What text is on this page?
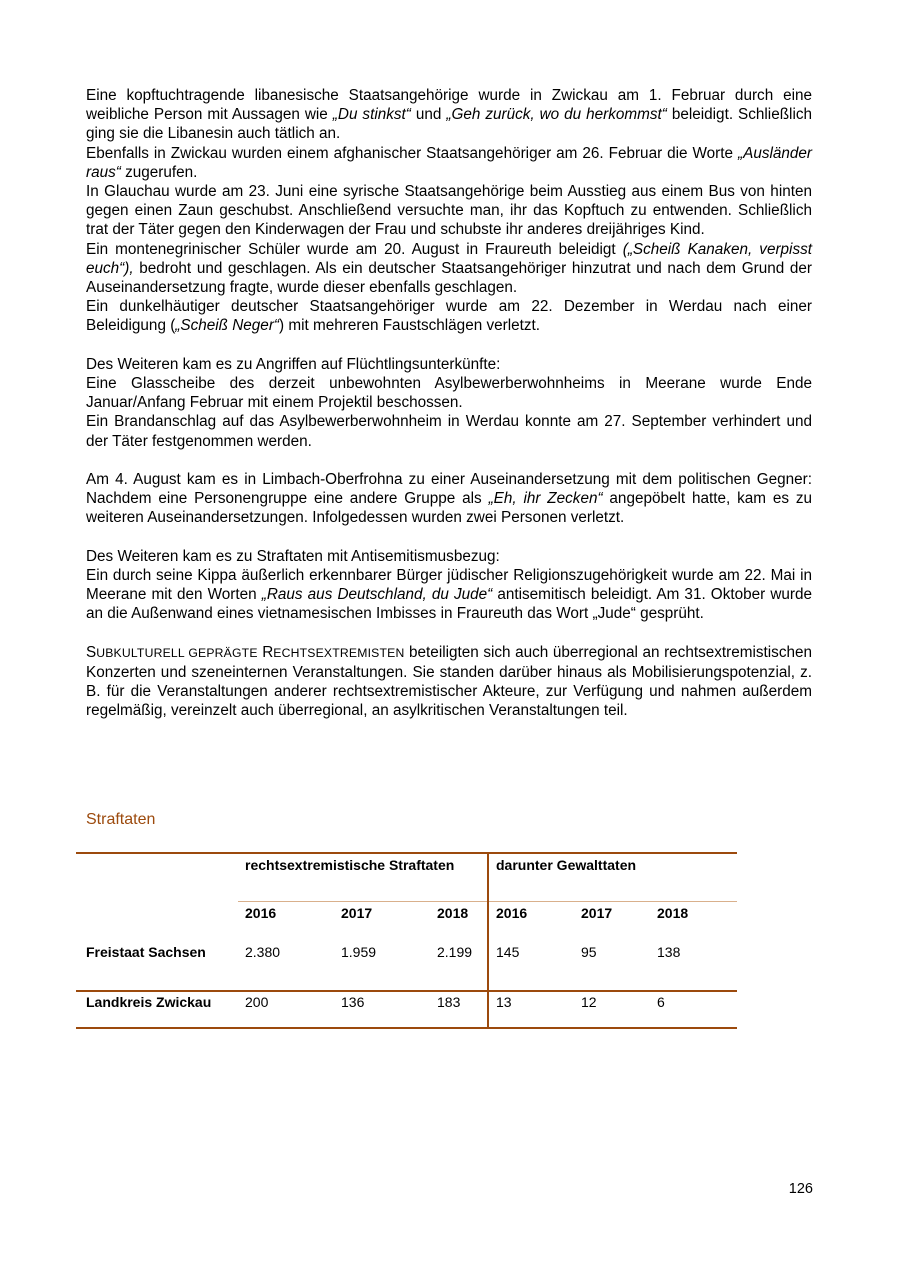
Eine kopftuchtragende libanesische Staatsangehörige wurde in Zwickau am 1. Februar durch eine weibliche Person mit Aussagen wie „Du stinkst“ und „Geh zurück, wo du herkommst“ beleidigt. Schließlich ging sie die Libanesin auch tätlich an.

Ebenfalls in Zwickau wurden einem afghanischer Staatsangehöriger am 26. Februar die Worte „Ausländer raus“ zugerufen.

In Glauchau wurde am 23. Juni eine syrische Staatsangehörige beim Ausstieg aus einem Bus von hinten gegen einen Zaun geschubst. Anschließend versuchte man, ihr das Kopftuch zu entwenden. Schließlich trat der Täter gegen den Kinderwagen der Frau und schubste ihr anderes dreijähriges Kind.

Ein montenegrinischer Schüler wurde am 20. August in Fraureuth beleidigt („Scheiß Kanaken, verpisst euch“), bedroht und geschlagen. Als ein deutscher Staatsangehöriger hinzutrat und nach dem Grund der Auseinandersetzung fragte, wurde dieser ebenfalls geschlagen.

Ein dunkelhäutiger deutscher Staatsangehöriger wurde am 22. Dezember in Werdau nach einer Beleidigung („Scheiß Neger“) mit mehreren Faustschlägen verletzt.

Des Weiteren kam es zu Angriffen auf Flüchtlingsunterkünfte:

Eine Glasscheibe des derzeit unbewohnten Asylbewerberwohnheims in Meerane wurde Ende Januar/Anfang Februar mit einem Projektil beschossen.

Ein Brandanschlag auf das Asylbewerberwohnheim in Werdau konnte am 27. September verhindert und der Täter festgenommen werden.

Am 4. August kam es in Limbach-Oberfrohna zu einer Auseinandersetzung mit dem politischen Gegner: Nachdem eine Personengruppe eine andere Gruppe als „Eh, ihr Zecken“ angepöbelt hatte, kam es zu weiteren Auseinandersetzungen. Infolgedessen wurden zwei Personen verletzt.

Des Weiteren kam es zu Straftaten mit Antisemitismusbezug:

Ein durch seine Kippa äußerlich erkennbarer Bürger jüdischer Religionszugehörigkeit wurde am 22. Mai in Meerane mit den Worten „Raus aus Deutschland, du Jude“ antisemitisch beleidigt. Am 31. Oktober wurde an die Außenwand eines vietnamesischen Imbisses in Fraureuth das Wort „Jude“ gesprüht.

SUBKULTURELL GEPRÄGTE RECHTSEXTREMISTEN beteiligten sich auch überregional an rechtsextremistischen Konzerten und szeneinternen Veranstaltungen. Sie standen darüber hinaus als Mobilisierungspotenzial, z. B. für die Veranstaltungen anderer rechtsextremistischer Akteure, zur Verfügung und nahmen außerdem regelmäßig, vereinzelt auch überregional, an asylkritischen Veranstaltungen teil.

Straftaten
	rechtsextremistische Straftaten			darunter Gewalttaten		
	2016	2017	2018	2016	2017	2018
Freistaat Sachsen	2.380	1.959	2.199	145	95	138
Landkreis Zwickau	200	136	183	13	12	6
126
